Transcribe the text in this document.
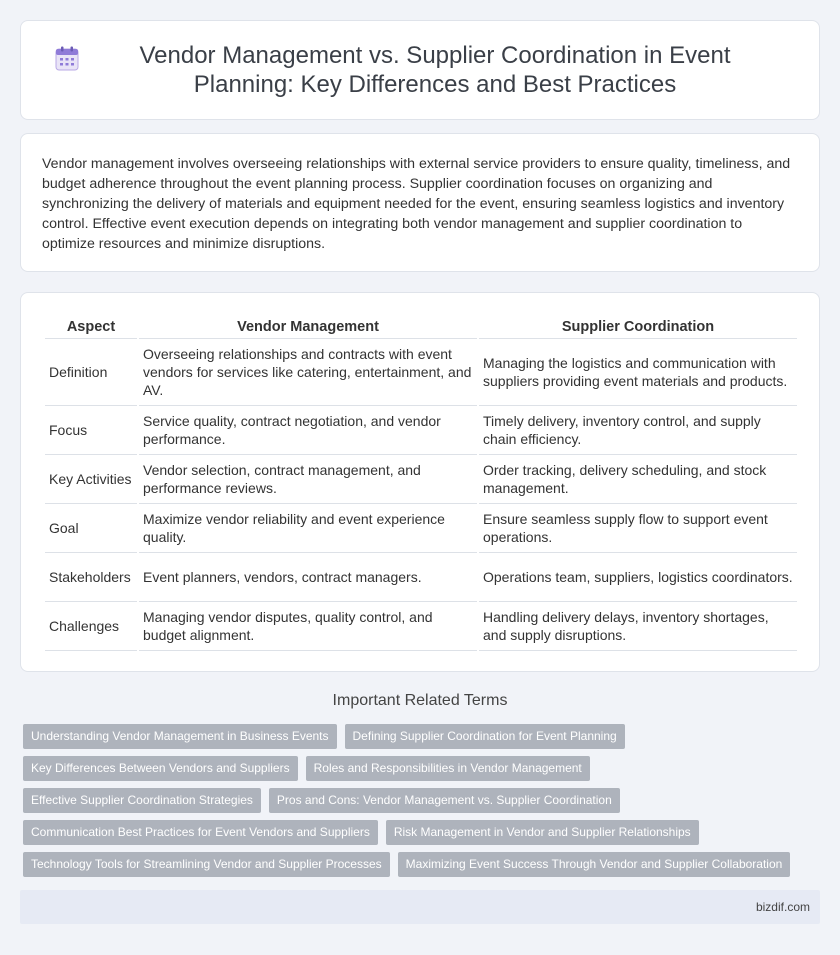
Vendor Management vs. Supplier Coordination in Event Planning: Key Differences and Best Practices

Vendor management involves overseeing relationships with external service providers to ensure quality, timeliness, and budget adherence throughout the event planning process. Supplier coordination focuses on organizing and synchronizing the delivery of materials and equipment needed for the event, ensuring seamless logistics and inventory control. Effective event execution depends on integrating both vendor management and supplier coordination to optimize resources and minimize disruptions.

Aspect	Vendor Management	Supplier Coordination
Definition	Overseeing relationships and contracts with event vendors for services like catering, entertainment, and AV.	Managing the logistics and communication with suppliers providing event materials and products.
Focus	Service quality, contract negotiation, and vendor performance.	Timely delivery, inventory control, and supply chain efficiency.
Key Activities	Vendor selection, contract management, and performance reviews.	Order tracking, delivery scheduling, and stock management.
Goal	Maximize vendor reliability and event experience quality.	Ensure seamless supply flow to support event operations.
Stakeholders	Event planners, vendors, contract managers.	Operations team, suppliers, logistics coordinators.
Challenges	Managing vendor disputes, quality control, and budget alignment.	Handling delivery delays, inventory shortages, and supply disruptions.
Important Related Terms
Understanding Vendor Management in Business Events	Defining Supplier Coordination for Event Planning
Key Differences Between Vendors and Suppliers	Roles and Responsibilities in Vendor Management
Effective Supplier Coordination Strategies	Pros and Cons: Vendor Management vs. Supplier Coordination
Communication Best Practices for Event Vendors and Suppliers	Risk Management in Vendor and Supplier Relationships
Technology Tools for Streamlining Vendor and Supplier Processes	Maximizing Event Success Through Vendor and Supplier Collaboration
bizdif.com
